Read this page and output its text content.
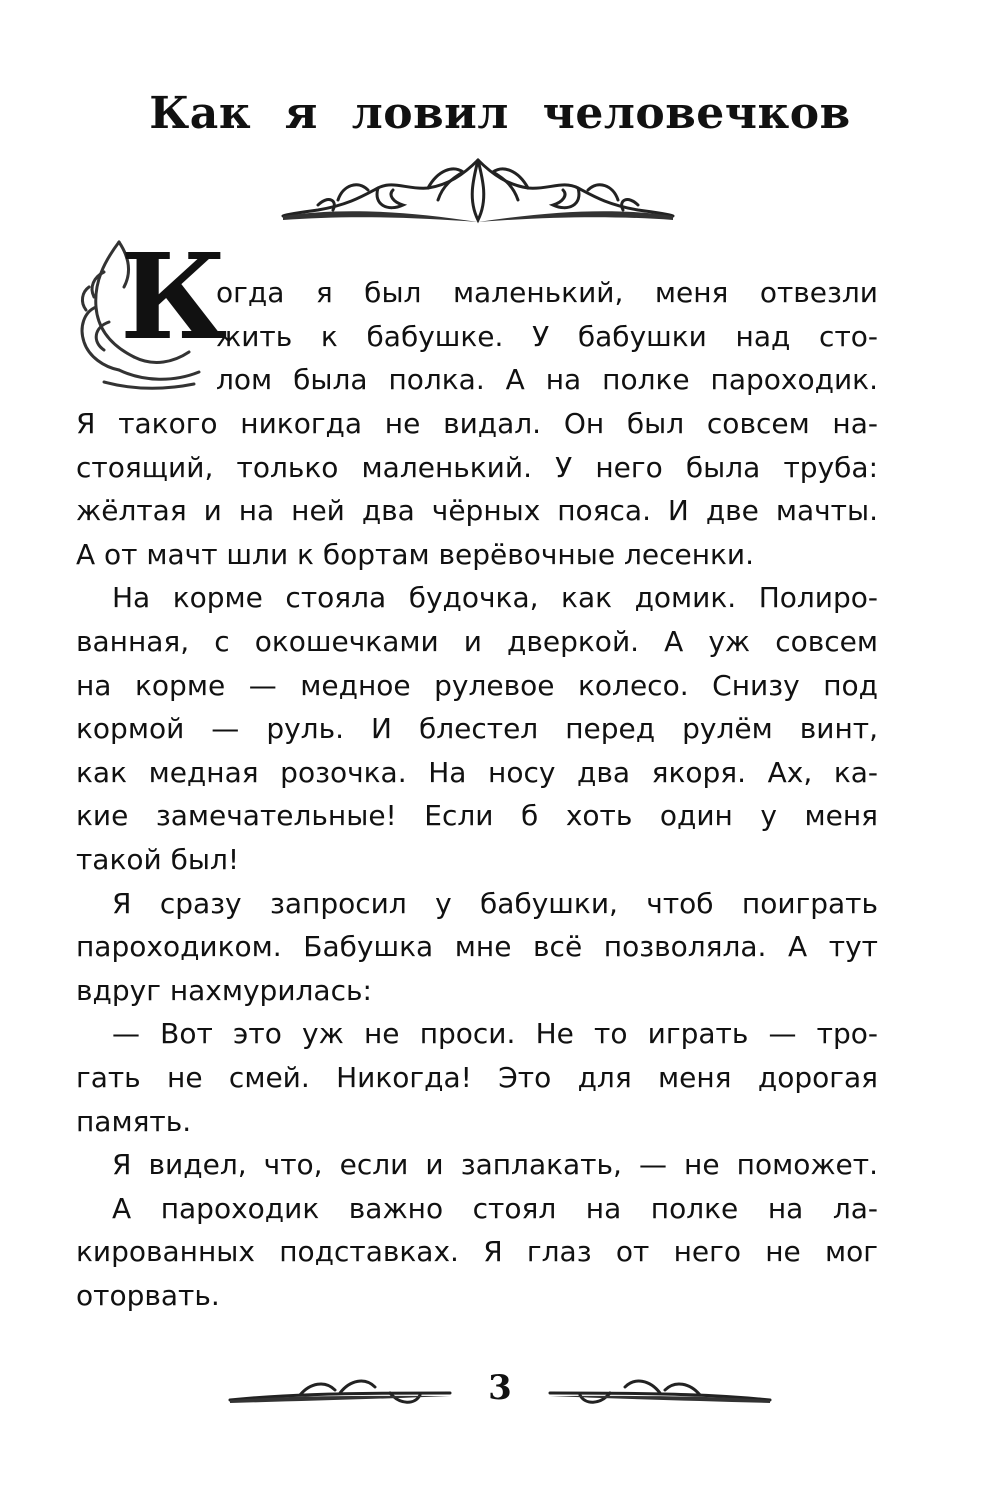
Как я ловил человечков
К
огда я был маленький, меня отвезли
жить к бабушке. У бабушки над сто-
лом была полка. А на полке пароходик.
Я такого никогда не видал. Он был совсем на-
стоящий, только маленький. У него была труба:
жёлтая и на ней два чёрных пояса. И две мачты.
А от мачт шли к бортам верёвочные лесенки.
На корме стояла будочка, как домик. Полиро-
ванная, с окошечками и дверкой. А уж совсем
на корме — медное рулевое колесо. Снизу под
кормой — руль. И блестел перед рулём винт,
как медная розочка. На носу два якоря. Ах, ка-
кие замечательные! Если б хоть один у меня
такой был!
Я сразу запросил у бабушки, чтоб поиграть
пароходиком. Бабушка мне всё позволяла. А тут
вдруг нахмурилась:
— Вот это уж не проси. Не то играть — тро-
гать не смей. Никогда! Это для меня дорогая
память.
Я видел, что, если и заплакать, — не поможет.
А пароходик важно стоял на полке на ла-
кированных подставках. Я глаз от него не мог
оторвать.
3
